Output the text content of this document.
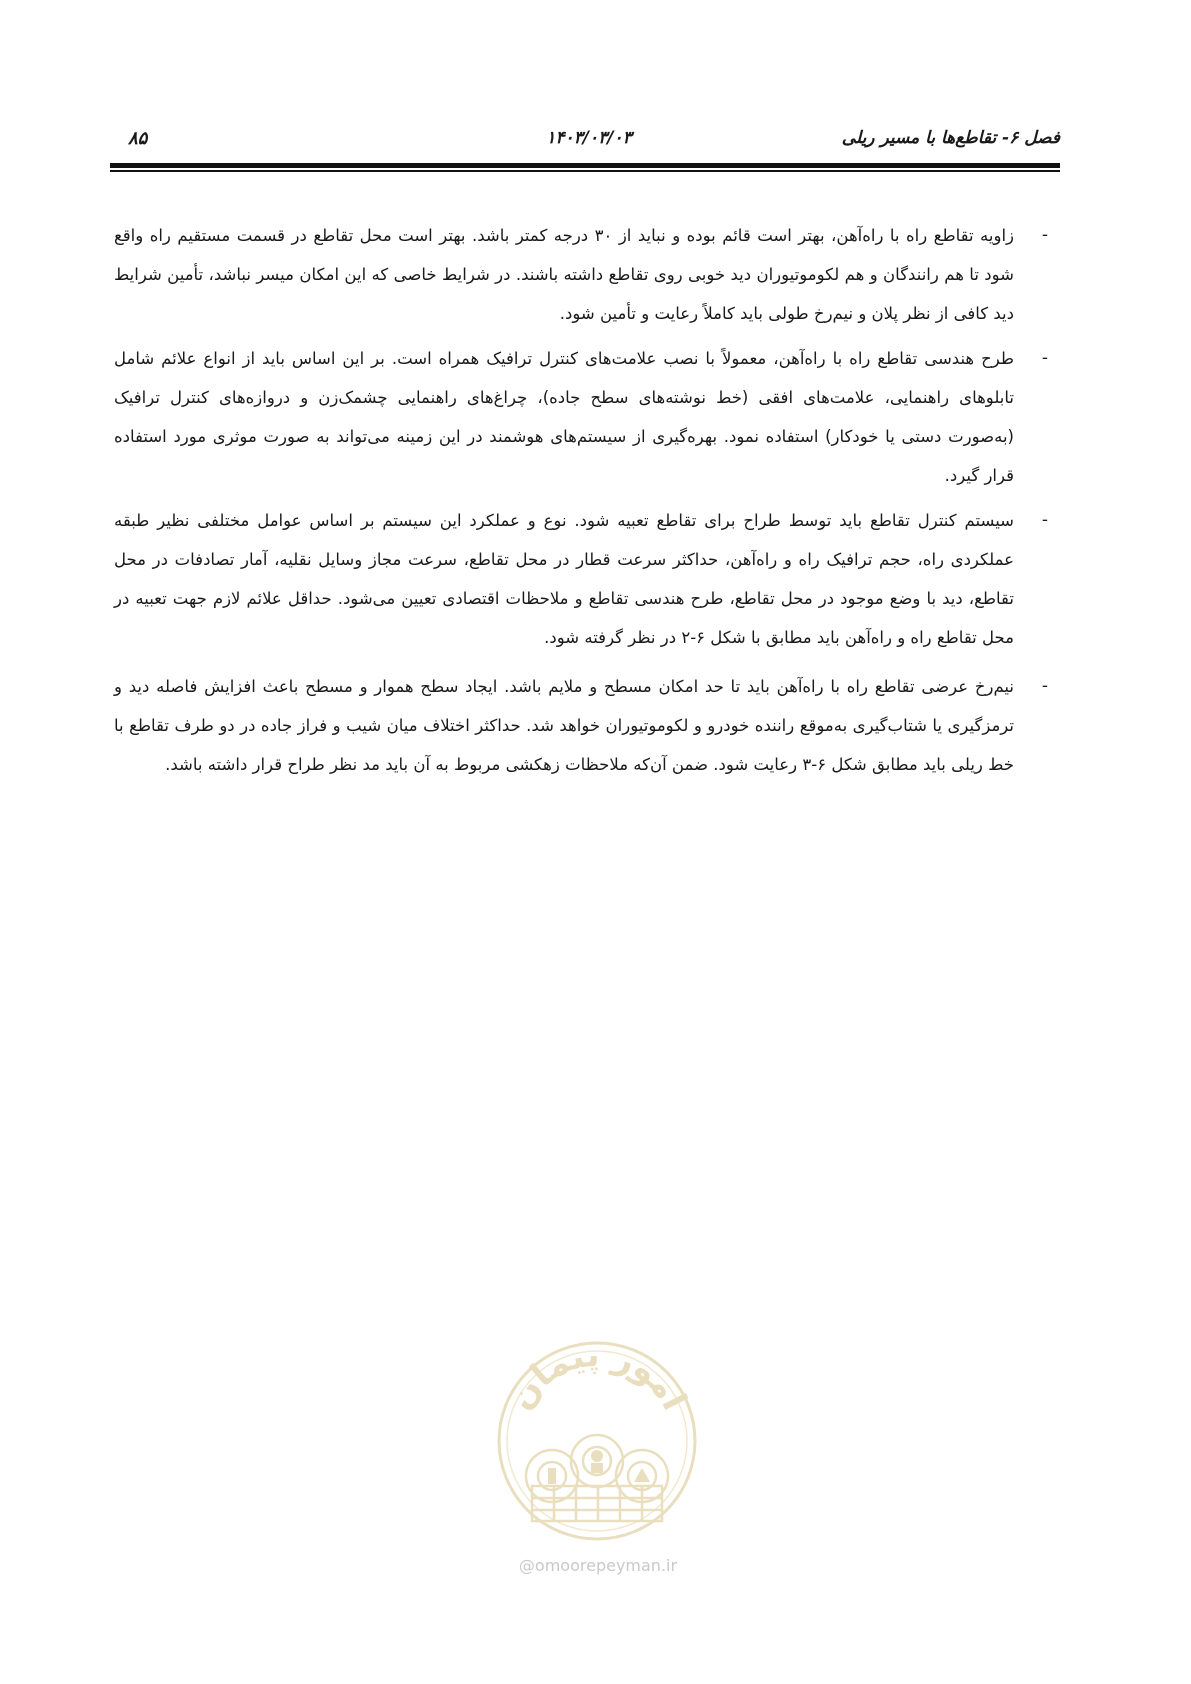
فصل ۶- تقاطع‌ها با مسیر ریلی
۱۴۰۳/۰۳/۰۳
۸۵
-
زاویه تقاطع راه با راه‌آهن، بهتر است قائم بوده و نباید از ۳۰ درجه کمتر باشد. بهتر است محل تقاطع در قسمت مستقیم راه واقع شود تا هم رانندگان و هم لکوموتیوران دید خوبی روی تقاطع داشته باشند. در شرایط خاصی که این امکان میسر نباشد، تأمین شرایط دید کافی از نظر پلان و نیم‌رخ طولی باید کاملاً رعایت و تأمین شود.
-
طرح هندسی تقاطع راه با راه‌آهن، معمولاً با نصب علامت‌های کنترل ترافیک همراه است. بر این اساس باید از انواع علائم شامل تابلوهای راهنمایی، علامت‌های افقی (خط نوشته‌های سطح جاده)، چراغ‌های راهنمایی چشمک‌زن و دروازه‌های کنترل ترافیک (به‌صورت دستی یا خودکار) استفاده نمود. بهره‌گیری از سیستم‌های هوشمند در این زمینه می‌تواند به صورت موثری مورد استفاده قرار گیرد.
-
سیستم کنترل تقاطع باید توسط طراح برای تقاطع تعبیه شود. نوع و عملکرد این سیستم بر اساس عوامل مختلفی نظیر طبقه عملکردی راه، حجم ترافیک راه و راه‌آهن، حداکثر سرعت قطار در محل تقاطع، سرعت مجاز وسایل نقلیه، آمار تصادفات در محل تقاطع، دید با وضع موجود در محل تقاطع، طرح هندسی تقاطع و ملاحظات اقتصادی تعیین می‌شود. حداقل علائم لازم جهت تعبیه در محل تقاطع راه و راه‌آهن باید مطابق با شکل ۶-۲ در نظر گرفته شود.
-
نیم‌رخ عرضی تقاطع راه با راه‌آهن باید تا حد امکان مسطح و ملایم باشد. ایجاد سطح هموار و مسطح باعث افزایش فاصله دید و ترمزگیری یا شتاب‌گیری به‌موقع راننده خودرو و لکوموتیوران خواهد شد. حداکثر اختلاف میان شیب و فراز جاده در دو طرف تقاطع با خط ریلی باید مطابق شکل ۶-۳ رعایت شود. ضمن آن‌که ملاحظات زهکشی مربوط به آن باید مد نظر طراح قرار داشته باشد.
امور پیمان
@omoorepeyman.ir
